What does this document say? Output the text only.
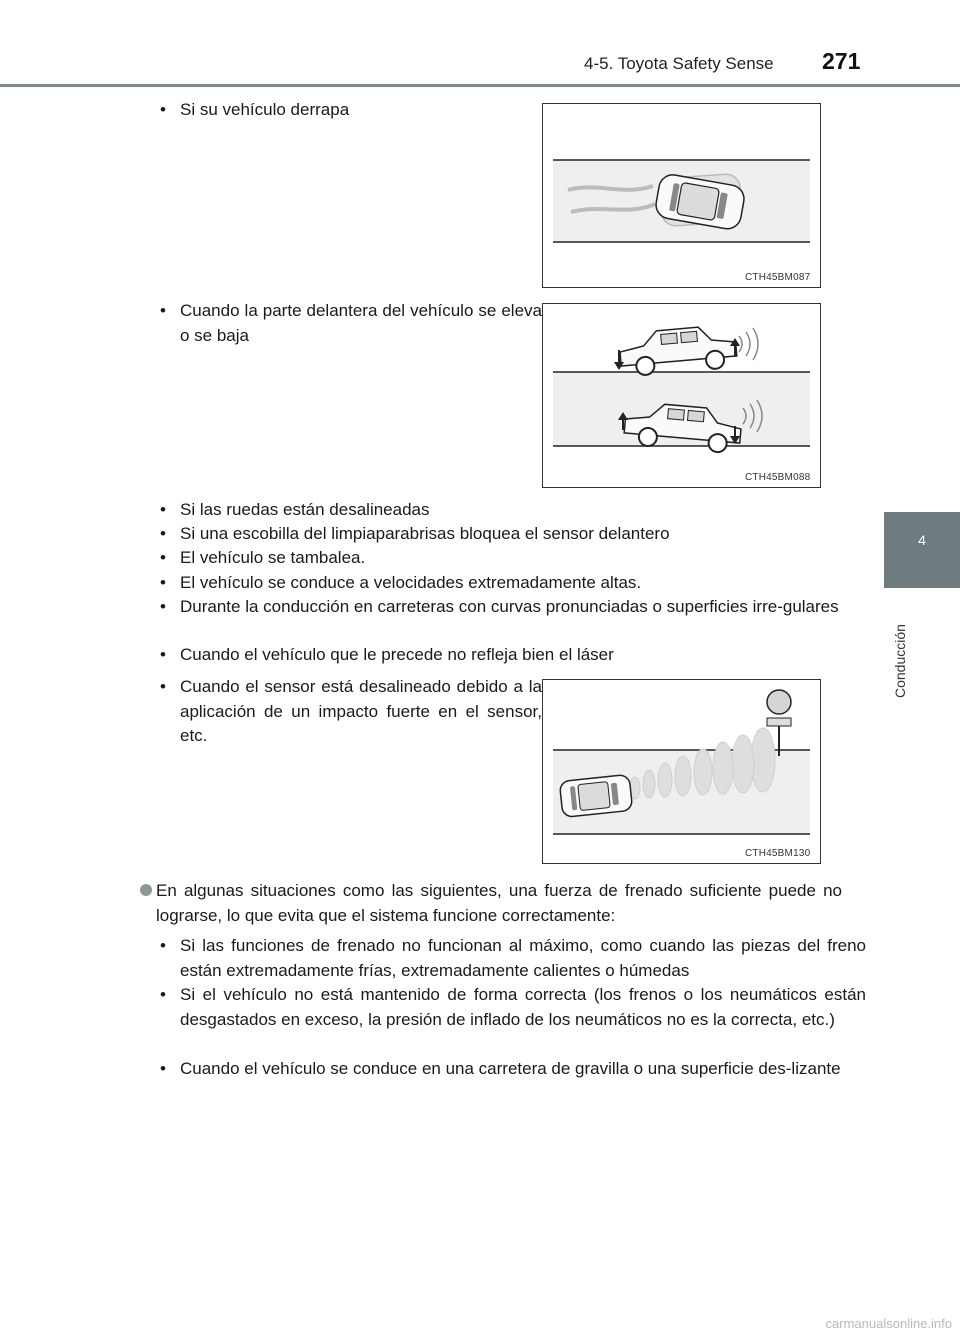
4-5. Toyota Safety Sense 271
4
Conducción
• Si su vehículo derrapa
• Cuando la parte delantera del vehículo se eleva o se baja
CTH45BM087
CTH45BM088
• Si las ruedas están desalineadas
• Si una escobilla del limpiaparabrisas bloquea el sensor delantero
• El vehículo se tambalea.
• El vehículo se conduce a velocidades extremadamente altas.
• Durante la conducción en carreteras con curvas pronunciadas o superficies irre-gulares
• Cuando el vehículo que le precede no refleja bien el láser
• Cuando el sensor está desalineado debido a la aplicación de un impacto fuerte en el sensor, etc.
CTH45BM130
En algunas situaciones como las siguientes, una fuerza de frenado suficiente puede no lograrse, lo que evita que el sistema funcione correctamente:
• Si las funciones de frenado no funcionan al máximo, como cuando las piezas del freno están extremadamente frías, extremadamente calientes o húmedas
• Si el vehículo no está mantenido de forma correcta (los frenos o los neumáticos están desgastados en exceso, la presión de inflado de los neumáticos no es la correcta, etc.)
• Cuando el vehículo se conduce en una carretera de gravilla o una superficie des-lizante
carmanualsonline.info
